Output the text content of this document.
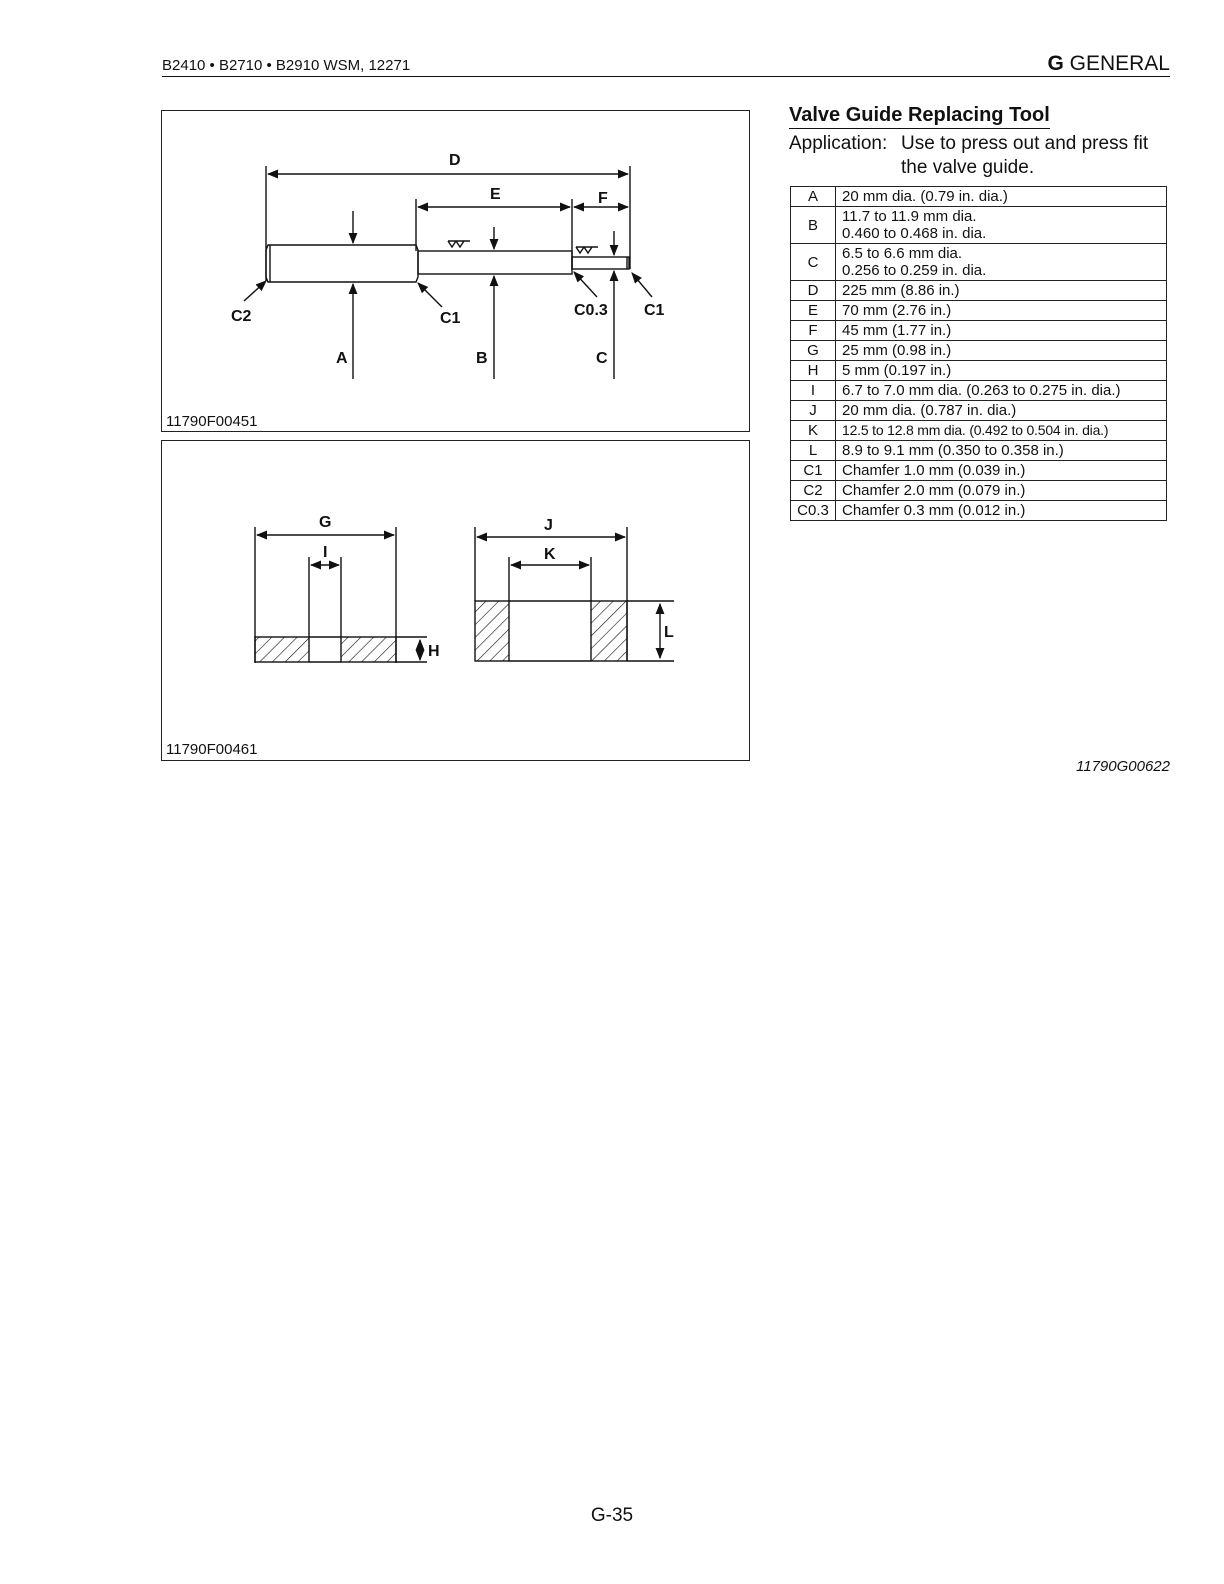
B2410 • B2710 • B2910 WSM, 12271	G GENERAL
D
E	F
C2	C1	C0.3 C1
A	B	C
11790F00451
G
I
H
J
K
L
11790F00461
Valve Guide Replacing Tool
Application: Use to press out and press fit
the valve guide.
A	20 mm dia. (0.79 in. dia.)
B	11.7 to 11.9 mm dia.
0.460 to 0.468 in. dia.

C	6.5 to 6.6 mm dia.
0.256 to 0.259 in. dia.

D	225 mm (8.86 in.)
E	70 mm (2.76 in.)
F	45 mm (1.77 in.)
G	25 mm (0.98 in.)
H	5 mm (0.197 in.)
I	6.7 to 7.0 mm dia. (0.263 to 0.275 in. dia.)
J	20 mm dia. (0.787 in. dia.)
K	12.5 to 12.8 mm dia. (0.492 to 0.504 in. dia.)
L	8.9 to 9.1 mm (0.350 to 0.358 in.)
C1	Chamfer 1.0 mm (0.039 in.)
C2	Chamfer 2.0 mm (0.079 in.)
C0.3	Chamfer 0.3 mm (0.012 in.)
11790G00622
G-35
